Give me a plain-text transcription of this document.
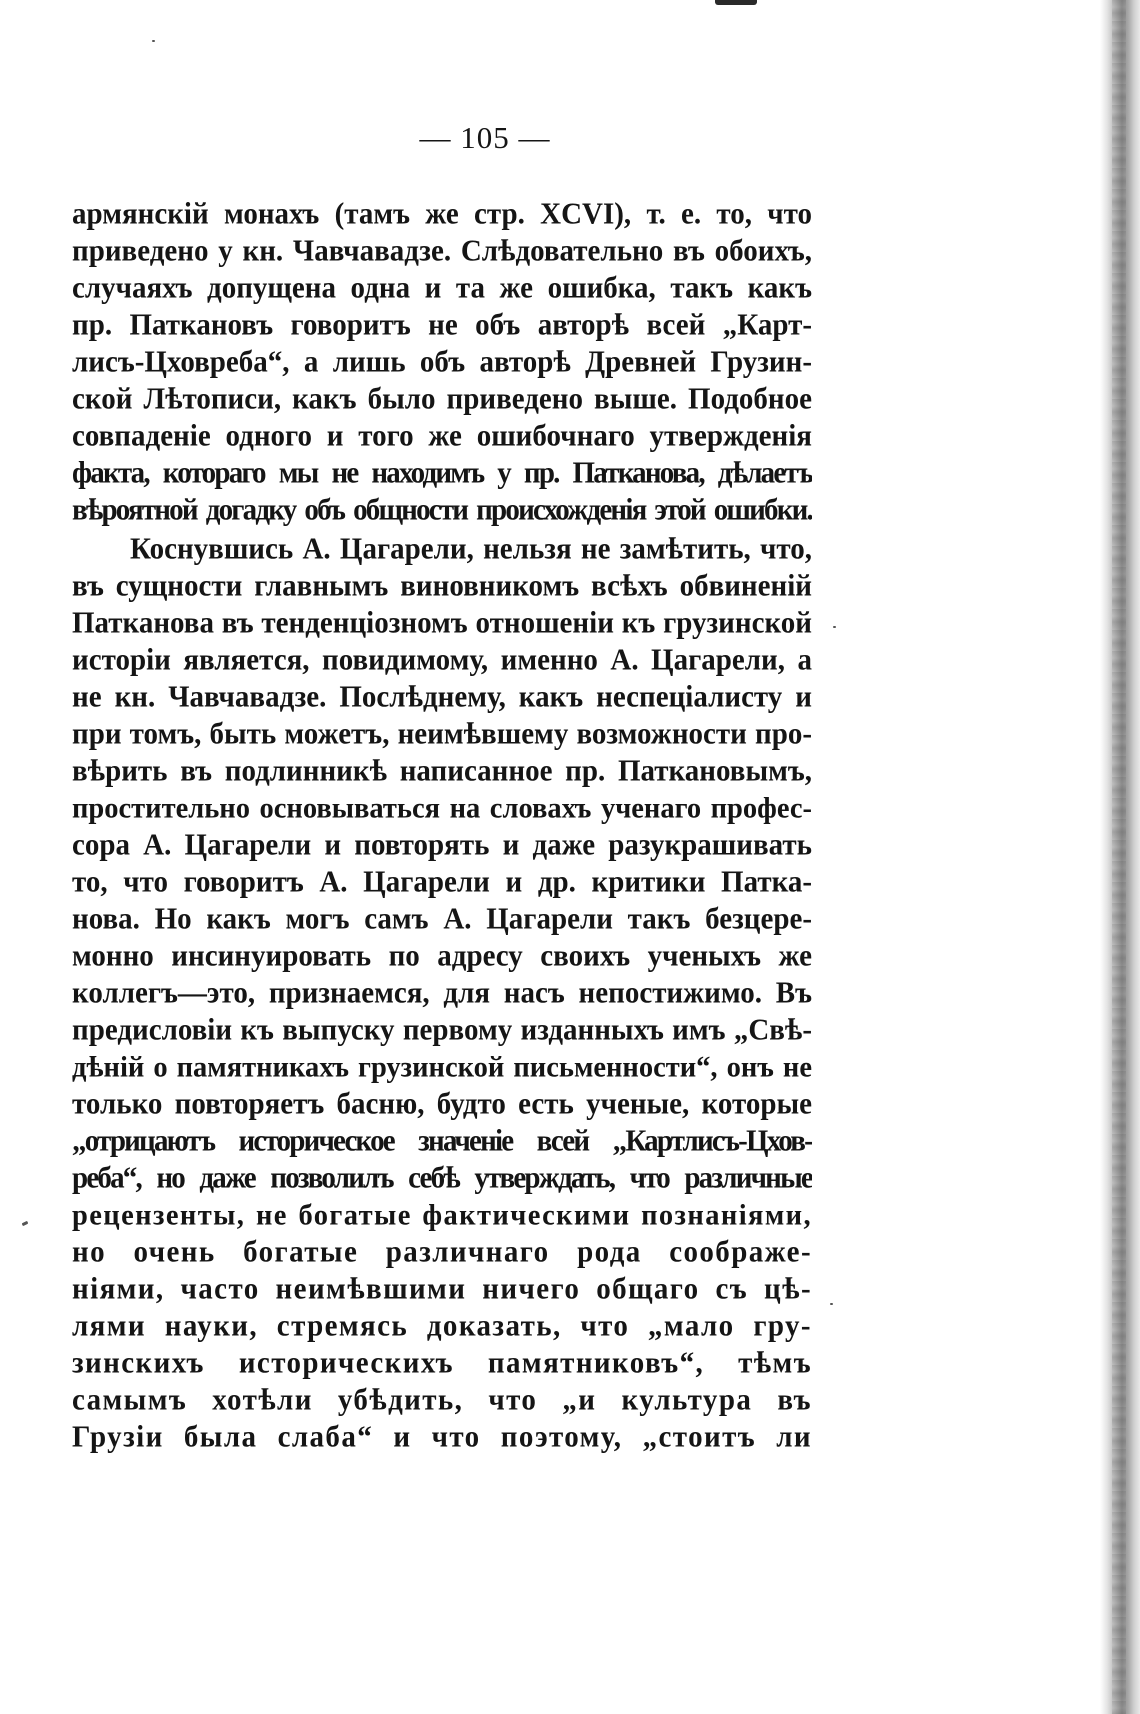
— 105 —
армянскій монахъ (тамъ же стр. XCVI), т. е. то, что
приведено у кн. Чавчавадзе. Слѣдовательно въ обоихъ,
случаяхъ допущена одна и та же ошибка, такъ какъ
пр. Паткановъ говоритъ не объ авторѣ всей „Карт-
лисъ-Цховреба“, а лишь объ авторѣ Древней Грузин-
ской Лѣтописи, какъ было приведено выше. Подобное
совпаденіе одного и того же ошибочнаго утвержденія
факта, котораго мы не находимъ у пр. Патканова, дѣлаетъ
вѣроятной догадку объ общности происхожденія этой ошибки.
Коснувшись А. Цагарели, нельзя не замѣтить, что,
въ сущности главнымъ виновникомъ всѣхъ обвиненій
Патканова въ тенденціозномъ отношеніи къ грузинской
исторіи является, повидимому, именно А. Цагарели, а
не кн. Чавчавадзе. Послѣднему, какъ неспеціалисту и
при томъ, быть можетъ, неимѣвшему возможности про-
вѣрить въ подлинникѣ написанное пр. Паткановымъ,
простительно основываться на словахъ ученаго профес-
сора А. Цагарели и повторять и даже разукрашивать
то, что говоритъ А. Цагарели и др. критики Патка-
нова. Но какъ могъ самъ А. Цагарели такъ безцере-
монно инсинуировать по адресу своихъ ученыхъ же
коллегъ—это, признаемся, для насъ непостижимо. Въ
предисловіи къ выпуску первому изданныхъ имъ „Свѣ-
дѣній о памятникахъ грузинской письменности“, онъ не
только повторяетъ басню, будто есть ученые, которые
„отрицаютъ историческое значеніе всей „Картлисъ-Цхов-
реба“, но даже позволилъ себѣ утверждать, что различные
рецензенты, не богатые фактическими познаніями,
но очень богатые различнаго рода соображе-
ніями, часто неимѣвшими ничего общаго съ цѣ-
лями науки, стремясь доказать, что „мало гру-
зинскихъ историческихъ памятниковъ“, тѣмъ
самымъ хотѣли убѣдить, что „и культура въ
Грузіи была слаба“ и что поэтому, „стоитъ ли
